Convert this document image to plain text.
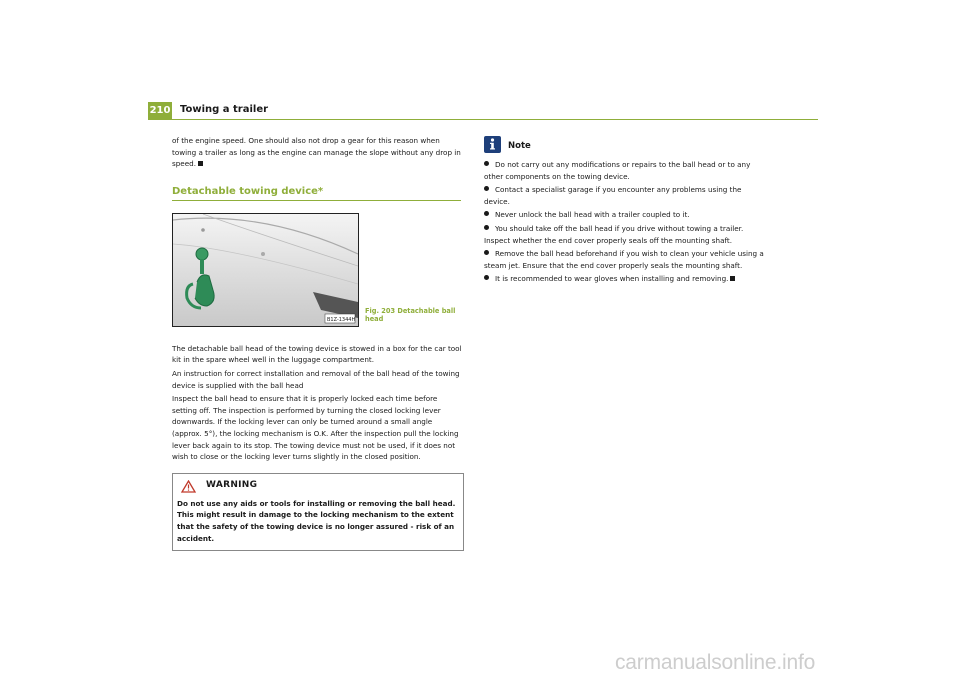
210 Towing a trailer

of the engine speed. One should also not drop a gear for this reason when towing a trailer as long as the engine can manage the slope without any drop in speed.

Detachable towing device*
B1Z-1344H
Fig. 203 Detachable ball head

The detachable ball head of the towing device is stowed in a box for the car tool kit in the spare wheel well in the luggage compartment.

An instruction for correct installation and removal of the ball head of the towing device is supplied with the ball head

Inspect the ball head to ensure that it is properly locked each time before setting off. The inspection is performed by turning the closed locking lever downwards. If the locking lever can only be turned around a small angle (approx. 5°), the locking mechanism is O.K. After the inspection pull the locking lever back again to its stop. The towing device must not be used, if it does not wish to close or the locking lever turns slightly in the closed position.

WARNING
Do not use any aids or tools for installing or removing the ball head. This might result in damage to the locking mechanism to the extent that the safety of the towing device is no longer assured - risk of an accident.
Note
Do not carry out any modifications or repairs to the ball head or to any other components on the towing device.
Contact a specialist garage if you encounter any problems using the device.
Never unlock the ball head with a trailer coupled to it.
You should take off the ball head if you drive without towing a trailer. Inspect whether the end cover properly seals off the mounting shaft.
Remove the ball head beforehand if you wish to clean your vehicle using a steam jet. Ensure that the end cover properly seals the mounting shaft.
It is recommended to wear gloves when installing and removing.
carmanualsonline.info
